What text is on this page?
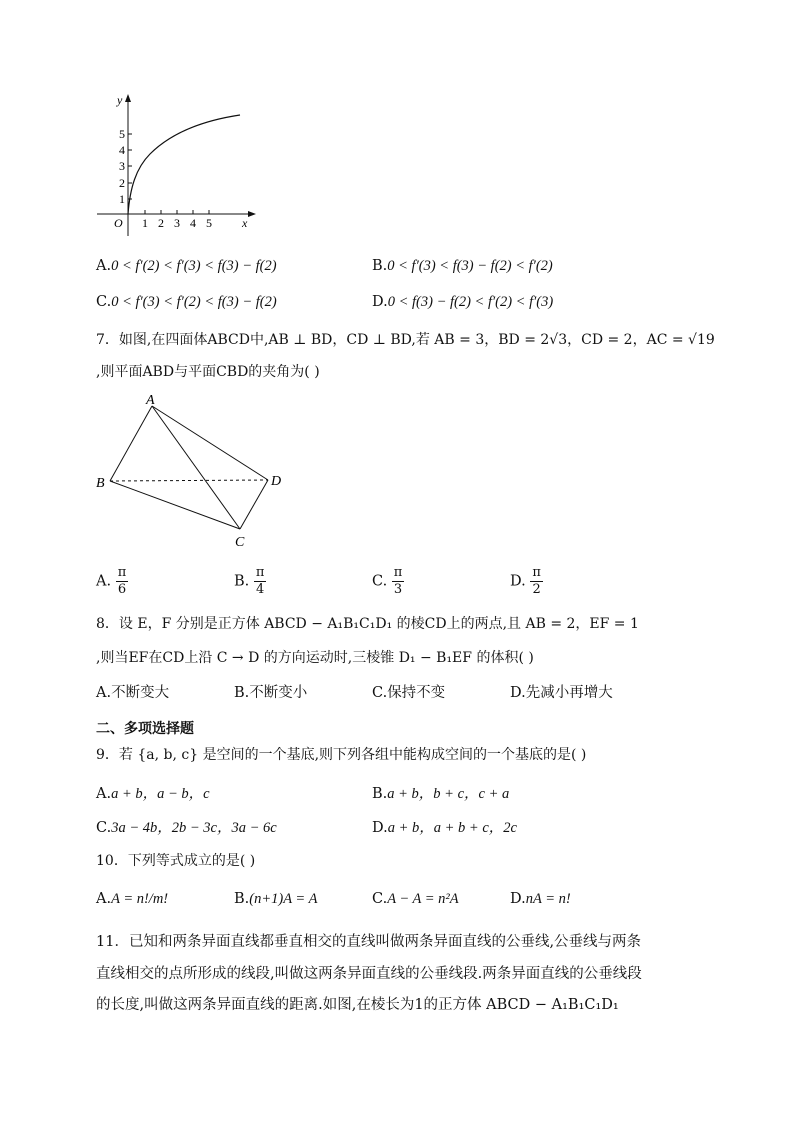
y
x
O
1
2
3
4
5
1 2 3 4 5
A.0 < f′(2) < f′(3) < f(3) − f(2)	B.0 < f′(3) < f(3) − f(2) < f′(2)
C.0 < f′(3) < f′(2) < f(3) − f(2)	D.0 < f(3) − f(2) < f′(2) < f′(3)
7．如图,在四面体ABCD中,AB ⊥ BD，CD ⊥ BD,若 AB = 3，BD = 2√3，CD = 2，AC = √19
,则平面ABD与平面CBD的夹角为( )
A
B	D
C
A. $\frac{\pi}{6}$	B. $\frac{\pi}{4}$	C. $\frac{\pi}{3}$	D. $\frac{\pi}{2}$
8．设 E，F 分别是正方体 ABCD − A₁B₁C₁D₁ 的棱CD上的两点,且 AB = 2，EF = 1
,则当EF在CD上沿 C → D 的方向运动时,三棱锥 D₁ − B₁EF 的体积( )
A.不断变大	B.不断变小	C.保持不变	D.先减小再增大
二、多项选择题
9．若 {a, b, c} 是空间的一个基底,则下列各组中能构成空间的一个基底的是( )
A.a + b，a − b，c	B.a + b，b + c，c + a
C.3a − 4b，2b − 3c，3a − 6c	D.a + b，a + b + c，2c
10．下列等式成立的是( )
A.A = n!/m!	B.(n+1)A = A	C.A − A = n²A	D.nA = n!
11．已知和两条异面直线都垂直相交的直线叫做两条异面直线的公垂线,公垂线与两条
直线相交的点所形成的线段,叫做这两条异面直线的公垂线段.两条异面直线的公垂线段
的长度,叫做这两条异面直线的距离.如图,在棱长为1的正方体 ABCD − A₁B₁C₁D₁
